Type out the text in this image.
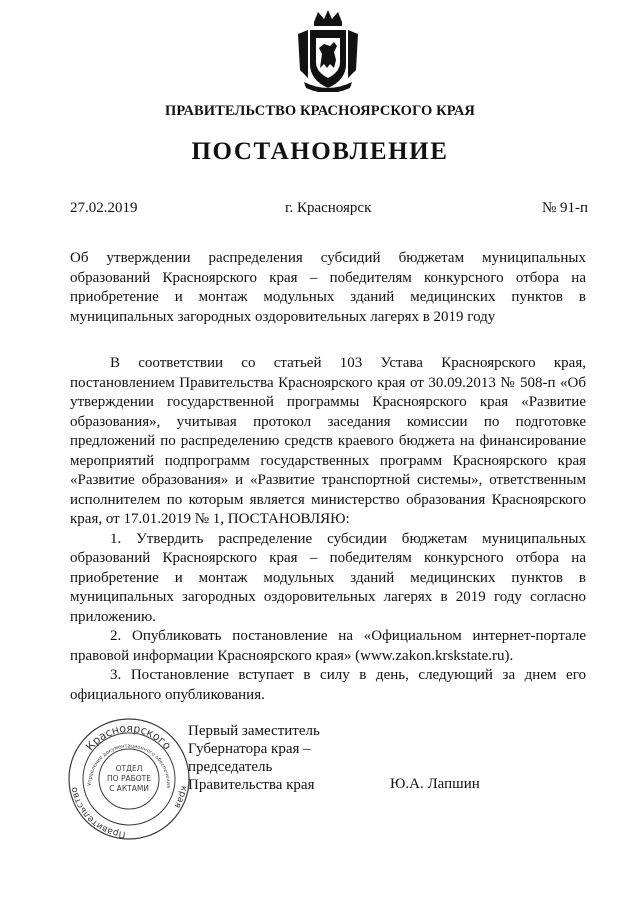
ПРАВИТЕЛЬСТВО КРАСНОЯРСКОГО КРАЯ
ПОСТАНОВЛЕНИЕ
27.02.2019	г. Красноярск	№ 91-п

Об утверждении распределения субсидий бюджетам муниципальных образований Красноярского края – победителям конкурсного отбора на приобретение и монтаж модульных зданий медицинских пунктов в муниципальных загородных оздоровительных лагерях в 2019 году

В соответствии со статьей 103 Устава Красноярского края, постановлением Правительства Красноярского края от 30.09.2013 № 508-п «Об утверждении государственной программы Красноярского края «Развитие образования», учитывая протокол заседания комиссии по подготовке предложений по распределению средств краевого бюджета на финансирование мероприятий подпрограмм государственных программ Красноярского края «Развитие образования» и «Развитие транспортной системы», ответственным исполнителем по которым является министерство образования Красноярского края, от 17.01.2019 № 1, ПОСТАНОВЛЯЮ:

1. Утвердить распределение субсидии бюджетам муниципальных образований Красноярского края – победителям конкурсного отбора на приобретение и монтаж модульных зданий медицинских пунктов в муниципальных загородных оздоровительных лагерях в 2019 году согласно приложению.

2. Опубликовать постановление на «Официальном интернет-портале правовой информации Красноярского края» (www.zakon.krskstate.ru).

3. Постановление вступает в силу в день, следующий за днем его официального опубликования.

Красноярского
Правительство	края
Управление документационного обеспечения
ОТДЕЛ
ПО РАБОТЕ
С АКТАМИ
Первый заместитель
Губернатора края –
председатель
Правительства края	Ю.А. Лапшин
